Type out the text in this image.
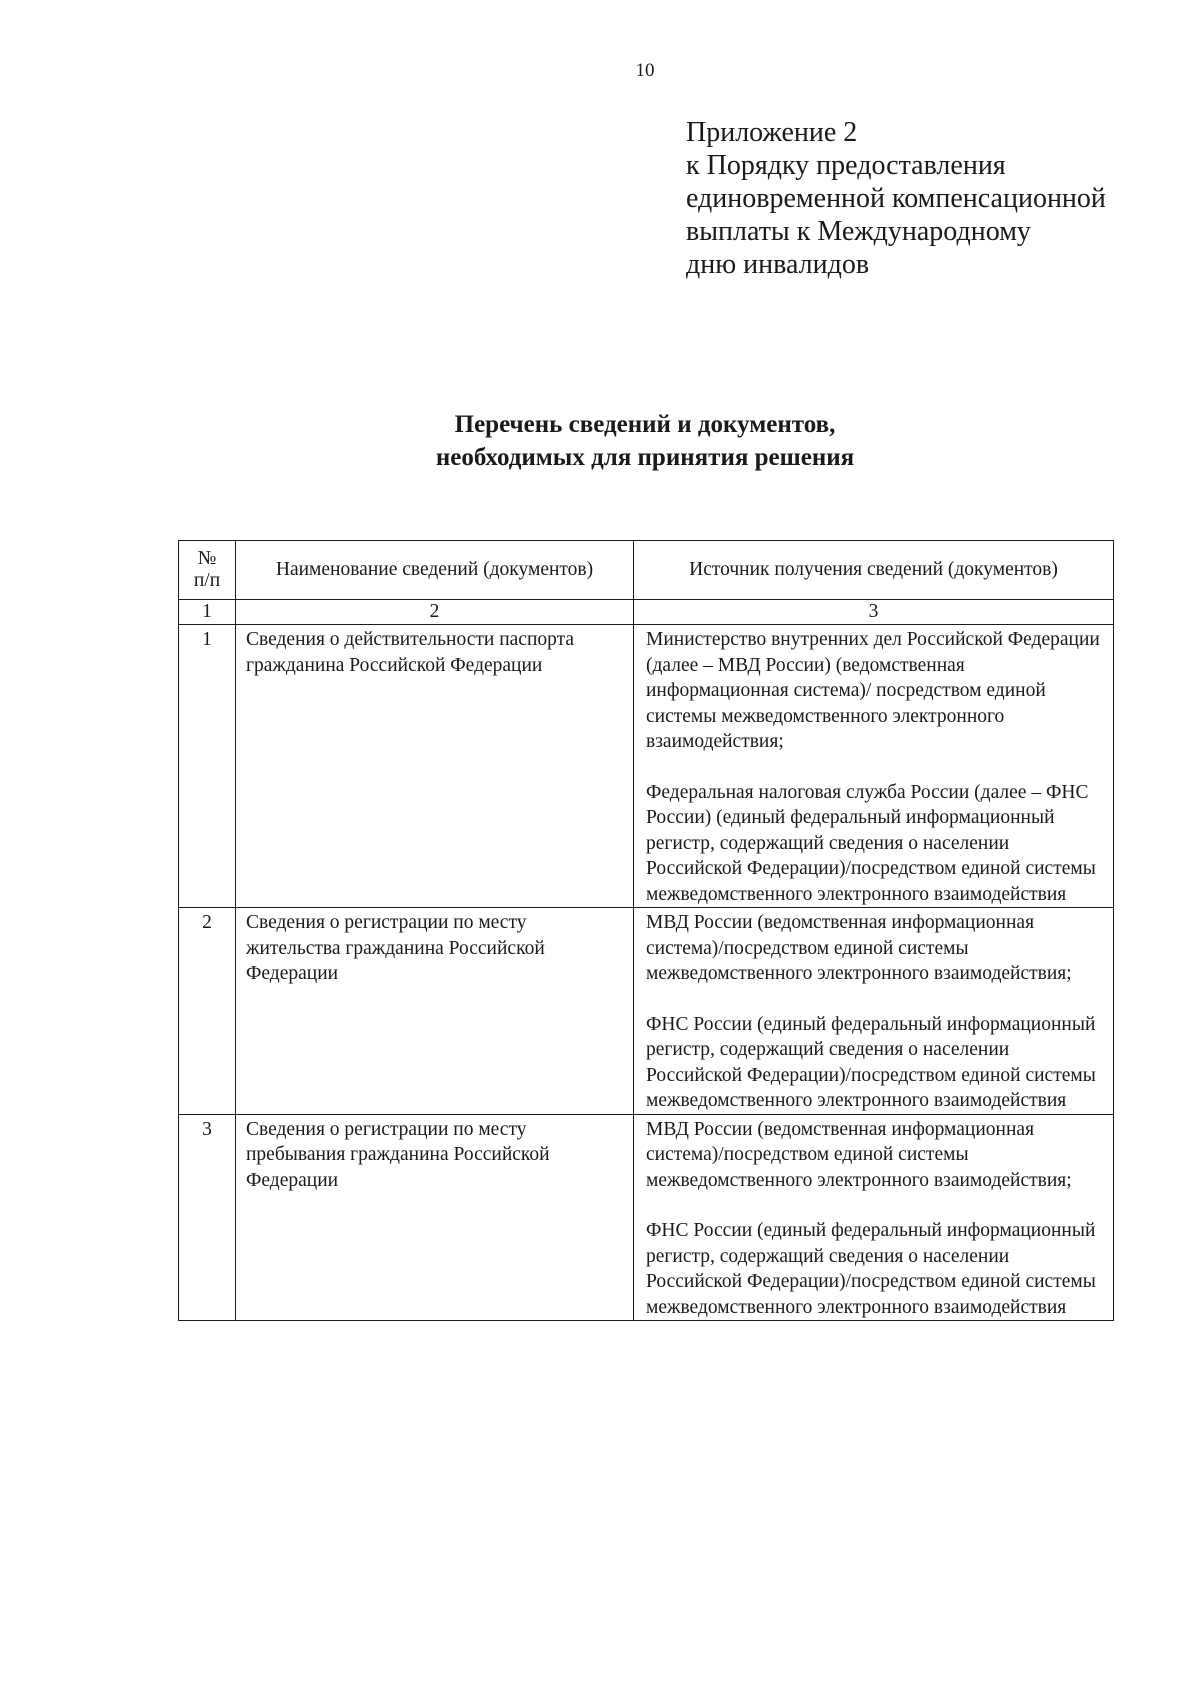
10
Приложение 2
к Порядку предоставления
единовременной компенсационной
выплаты к Международному
дню инвалидов
Перечень сведений и документов,
необходимых для принятия решения
№
п/п	Наименование сведений (документов)	Источник получения сведений (документов)
1	2	3
1	Сведения о действительности паспорта гражданина Российской Федерации	Министерство внутренних дел Российской Федерации (далее – МВД России) (ведомственная информационная система)/ посредством единой системы межведомственного электронного взаимодействия;

Федеральная налоговая служба России (далее – ФНС России) (единый федеральный информационный регистр, содержащий сведения о населении Российской Федерации)/посредством единой системы межведомственного электронного взаимодействия

2	Сведения о регистрации по месту жительства гражданина Российской Федерации	МВД России (ведомственная информационная система)/посредством единой системы межведомственного электронного взаимодействия;

ФНС России (единый федеральный информационный регистр, содержащий сведения о населении Российской Федерации)/посредством единой системы межведомственного электронного взаимодействия

3	Сведения о регистрации по месту пребывания гражданина Российской Федерации	МВД России (ведомственная информационная система)/посредством единой системы межведомственного электронного взаимодействия;

ФНС России (единый федеральный информационный регистр, содержащий сведения о населении Российской Федерации)/посредством единой системы межведомственного электронного взаимодействия
